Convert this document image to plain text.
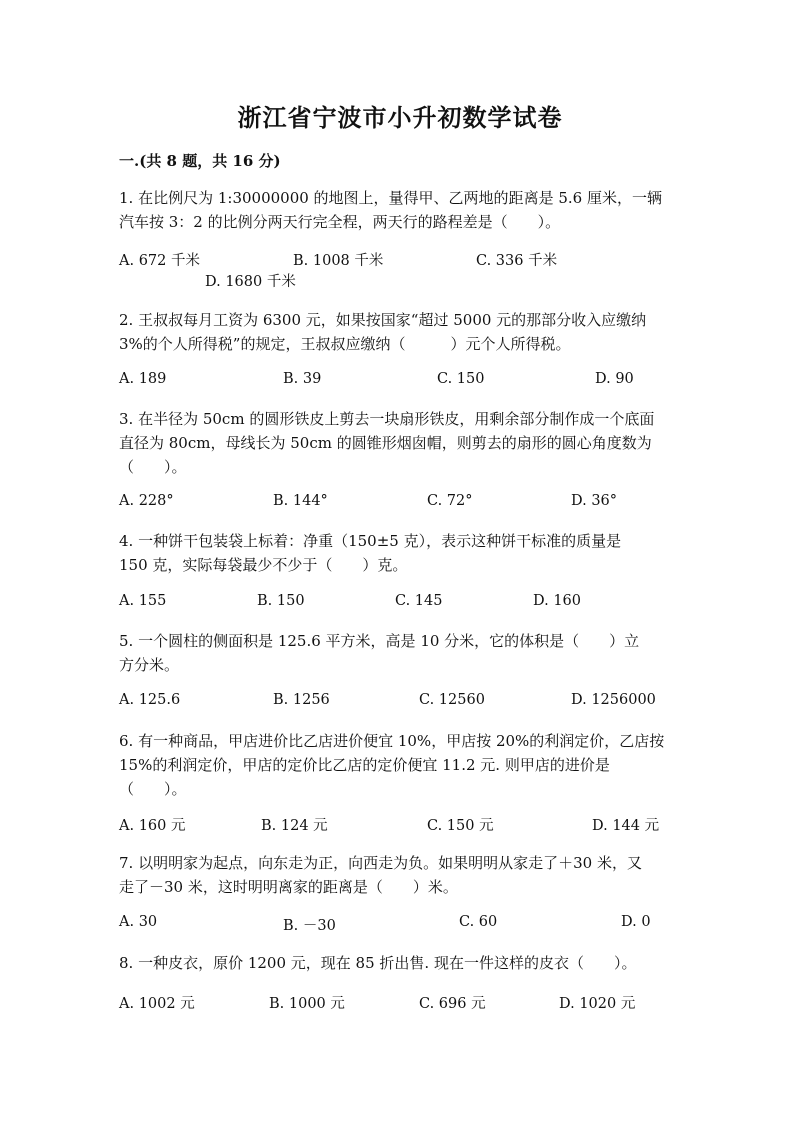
浙江省宁波市小升初数学试卷
一.(共 8 题，共 16 分)
1. 在比例尺为 1:30000000 的地图上，量得甲、乙两地的距离是 5.6 厘米，一辆
汽车按 3：2 的比例分两天行完全程，两天行的路程差是（　　）。
A. 672 千米	B. 1008 千米	C. 336 千米
D. 1680 千米
2. 王叔叔每月工资为 6300 元，如果按国家“超过 5000 元的那部分收入应缴纳
3%的个人所得税”的规定，王叔叔应缴纳（　　　）元个人所得税。
A. 189	B. 39	C. 150	D. 90
3. 在半径为 50cm 的圆形铁皮上剪去一块扇形铁皮，用剩余部分制作成一个底面
直径为 80cm，母线长为 50cm 的圆锥形烟囱帽，则剪去的扇形的圆心角度数为
（　　）。
A. 228°	B. 144°	C. 72°	D. 36°
4. 一种饼干包装袋上标着：净重（150±5 克），表示这种饼干标准的质量是
150 克，实际每袋最少不少于（　　）克。
A. 155	B. 150	C. 145	D. 160
5. 一个圆柱的侧面积是 125.6 平方米，高是 10 分米，它的体积是（　　）立
方分米。
A. 125.6	B. 1256	C. 12560	D. 1256000
6. 有一种商品，甲店进价比乙店进价便宜 10%，甲店按 20%的利润定价，乙店按
15%的利润定价，甲店的定价比乙店的定价便宜 11.2 元. 则甲店的进价是
（　　）。
A. 160 元	B. 124 元	C. 150 元	D. 144 元
7. 以明明家为起点，向东走为正，向西走为负。如果明明从家走了＋30 米，又
走了－30 米，这时明明离家的距离是（　　）米。
A. 30	B. －30	C. 60	D. 0
8. 一种皮衣，原价 1200 元，现在 85 折出售. 现在一件这样的皮衣（　　）。
A. 1002 元	B. 1000 元	C. 696 元	D. 1020 元
